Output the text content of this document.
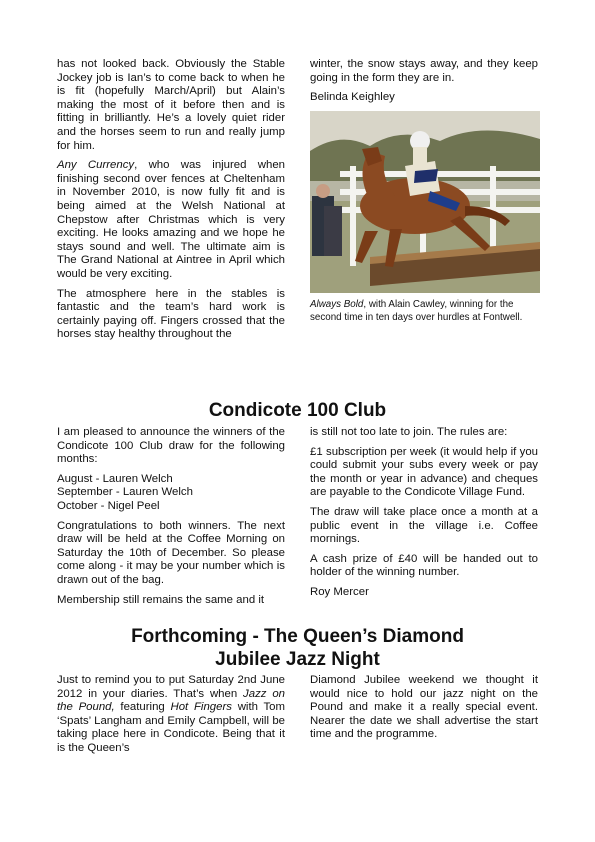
has not looked back. Obviously the Stable Jockey job is Ian’s to come back to when he is fit (hopefully March/April) but Alain’s making the most of it before then and is fitting in brilliantly. He’s a lovely quiet rider and the horses seem to run and really jump for him.

Any Currency, who was injured when finishing second over fences at Cheltenham in November 2010, is now fully fit and is being aimed at the Welsh National at Chepstow after Christmas which is very exciting. He looks amazing and we hope he stays sound and well. The ultimate aim is The Grand National at Aintree in April which would be very exciting.

The atmosphere here in the stables is fantastic and the team’s hard work is certainly paying off. Fingers crossed that the horses stay healthy throughout the

winter, the snow stays away, and they keep going in the form they are in.

Belinda Keighley

Always Bold, with Alain Cawley, winning for the second time in ten days over hurdles at Fontwell.
Condicote 100 Club

I am pleased to announce the winners of the Condicote 100 Club draw for the following months:

August - Lauren Welch
September - Lauren Welch
October - Nigel Peel

Congratulations to both winners. The next draw will be held at the Coffee Morning on Saturday the 10th of December. So please come along - it may be your number which is drawn out of the bag.

Membership still remains the same and it

is still not too late to join. The rules are:

£1 subscription per week (it would help if you could submit your subs every week or pay the month or year in advance) and cheques are payable to the Condicote Village Fund.

The draw will take place once a month at a public event in the village i.e. Coffee mornings.

A cash prize of £40 will be handed out to holder of the winning number.

Roy Mercer

Forthcoming - The Queen’s Diamond
Jubilee Jazz Night

Just to remind you to put Saturday 2nd June 2012 in your diaries. That’s when Jazz on the Pound, featuring Hot Fingers with Tom ‘Spats’ Langham and Emily Campbell, will be taking place here in Condicote. Being that it is the Queen’s

Diamond Jubilee weekend we thought it would nice to hold our jazz night on the Pound and make it a really special event. Nearer the date we shall advertise the start time and the programme.
